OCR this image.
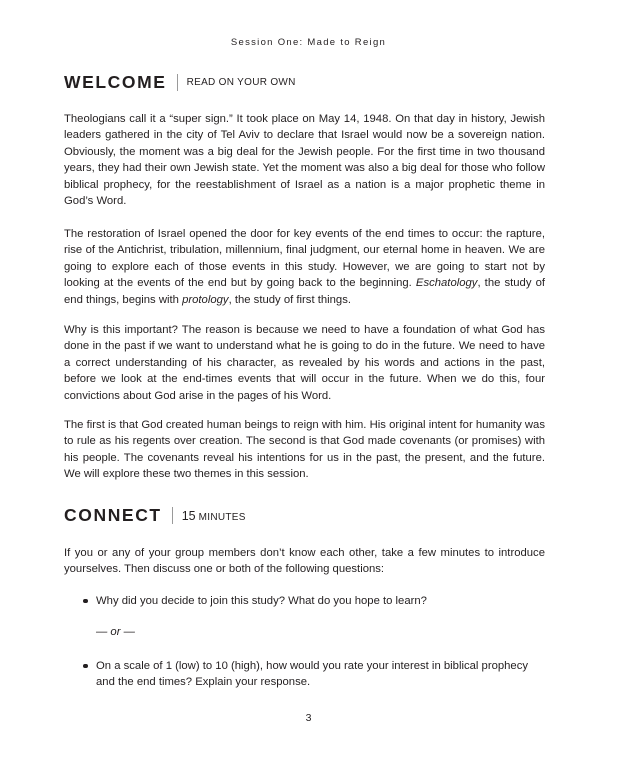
Session One: Made to Reign
WELCOME READ ON YOUR OWN

Theologians call it a “super sign.” It took place on May 14, 1948. On that day in history, Jewish leaders gathered in the city of Tel Aviv to declare that Israel would now be a sovereign nation. Obviously, the moment was a big deal for the Jewish people. For the first time in two thousand years, they had their own Jewish state. Yet the moment was also a big deal for those who follow biblical prophecy, for the reestablishment of Israel as a nation is a major prophetic theme in God’s Word.

The restoration of Israel opened the door for key events of the end times to occur: the rapture, rise of the Antichrist, tribulation, millennium, final judgment, our eternal home in heaven. We are going to explore each of those events in this study. However, we are going to start not by looking at the events of the end but by going back to the beginning. Eschatology, the study of end things, begins with protology, the study of first things.

Why is this important? The reason is because we need to have a foundation of what God has done in the past if we want to understand what he is going to do in the future. We need to have a correct understanding of his character, as revealed by his words and actions in the past, before we look at the end-times events that will occur in the future. When we do this, four convictions about God arise in the pages of his Word.

The first is that God created human beings to reign with him. His original intent for humanity was to rule as his regents over creation. The second is that God made covenants (or promises) with his people. The covenants reveal his intentions for us in the past, the present, and the future. We will explore these two themes in this session.

CONNECT 15 MINUTES

If you or any of your group members don’t know each other, take a few minutes to introduce yourselves. Then discuss one or both of the following questions:

Why did you decide to join this study? What do you hope to learn?

— or —

On a scale of 1 (low) to 10 (high), how would you rate your interest in biblical prophecy and the end times? Explain your response.

3
